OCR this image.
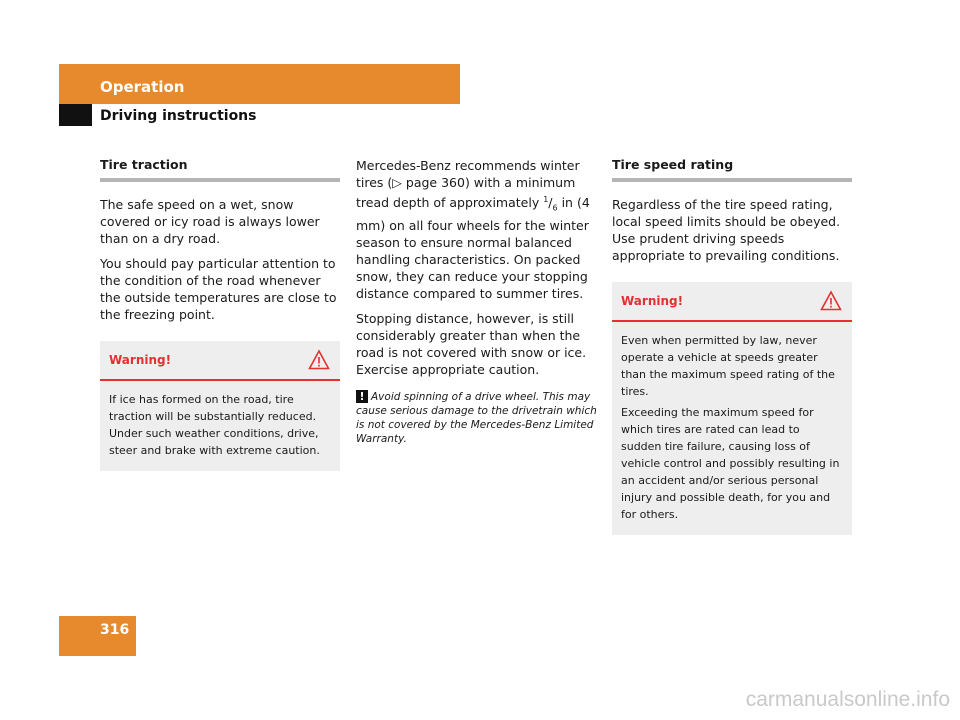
Operation
Driving instructions
Tire traction

The safe speed on a wet, snow covered or icy road is always lower than on a dry road.

You should pay particular attention to the condition of the road whenever the outside temperatures are close to the freezing point.

Warning!

If ice has formed on the road, tire traction will be substantially reduced. Under such weather conditions, drive, steer and brake with extreme caution.

Mercedes-Benz recommends winter tires (▷ page 360) with a minimum tread depth of approximately $^1/_6$ in (4 mm) on all four wheels for the winter season to ensure normal balanced handling characteristics. On packed snow, they can reduce your stopping distance compared to summer tires.

Stopping distance, however, is still considerably greater than when the road is not covered with snow or ice. Exercise appropriate caution.

! Avoid spinning of a drive wheel. This may cause serious damage to the drivetrain which is not covered by the Mercedes-Benz Limited Warranty.
Tire speed rating

Regardless of the tire speed rating, local speed limits should be obeyed. Use prudent driving speeds appropriate to prevailing conditions.

Warning!

Even when permitted by law, never operate a vehicle at speeds greater than the maximum speed rating of the tires.

Exceeding the maximum speed for which tires are rated can lead to sudden tire failure, causing loss of vehicle control and possibly resulting in an accident and/or serious personal injury and possible death, for you and for others.

316
carmanualsonline.info
